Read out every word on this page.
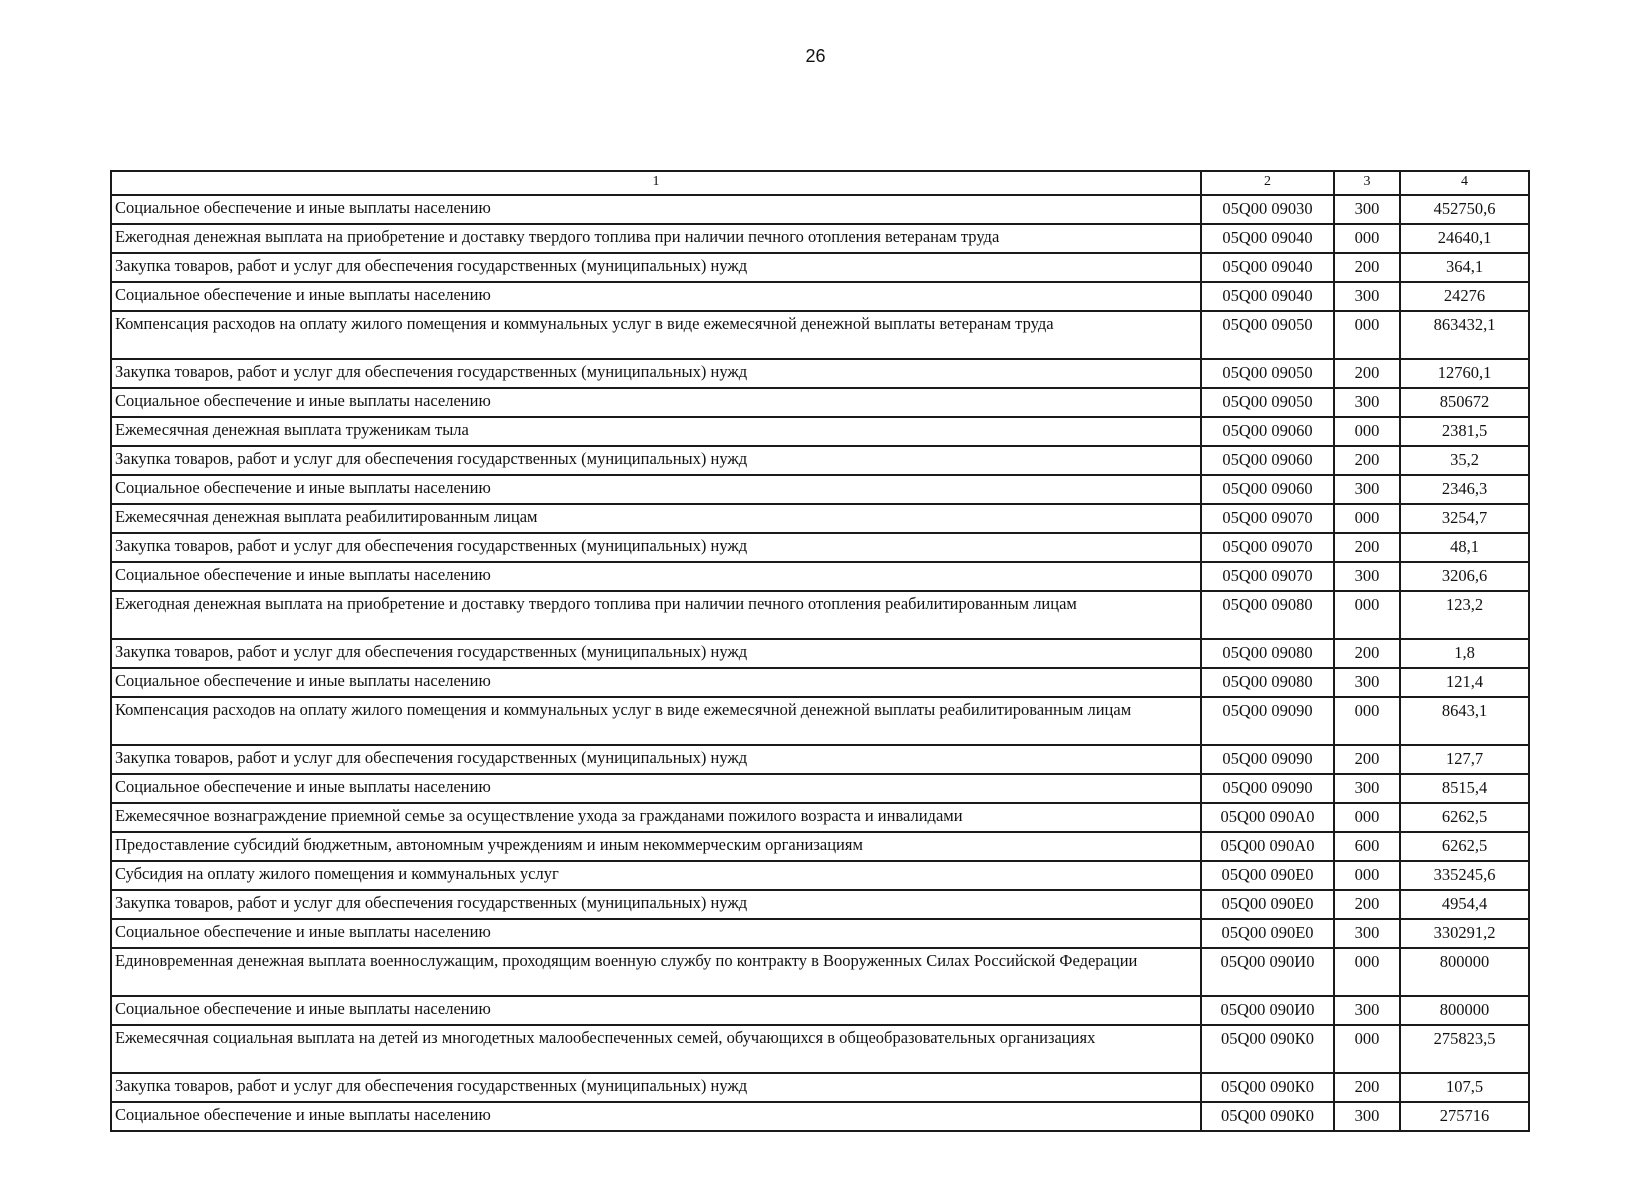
26
1	2	3	4
Социальное обеспечение и иные выплаты населению	05Q00 09030	300	452750,6
Ежегодная денежная выплата на приобретение и доставку твердого топлива при наличии печного отопления ветеранам труда	05Q00 09040	000	24640,1
Закупка товаров, работ и услуг для обеспечения государственных (муниципальных) нужд	05Q00 09040	200	364,1
Социальное обеспечение и иные выплаты населению	05Q00 09040	300	24276
Компенсация расходов на оплату жилого помещения и коммунальных услуг в виде ежемесячной денежной выплаты ветеранам труда	05Q00 09050	000	863432,1
Закупка товаров, работ и услуг для обеспечения государственных (муниципальных) нужд	05Q00 09050	200	12760,1
Социальное обеспечение и иные выплаты населению	05Q00 09050	300	850672
Ежемесячная денежная выплата труженикам тыла	05Q00 09060	000	2381,5
Закупка товаров, работ и услуг для обеспечения государственных (муниципальных) нужд	05Q00 09060	200	35,2
Социальное обеспечение и иные выплаты населению	05Q00 09060	300	2346,3
Ежемесячная денежная выплата реабилитированным лицам	05Q00 09070	000	3254,7
Закупка товаров, работ и услуг для обеспечения государственных (муниципальных) нужд	05Q00 09070	200	48,1
Социальное обеспечение и иные выплаты населению	05Q00 09070	300	3206,6
Ежегодная денежная выплата на приобретение и доставку твердого топлива при наличии печного отопления реабилитированным лицам	05Q00 09080	000	123,2
Закупка товаров, работ и услуг для обеспечения государственных (муниципальных) нужд	05Q00 09080	200	1,8
Социальное обеспечение и иные выплаты населению	05Q00 09080	300	121,4
Компенсация расходов на оплату жилого помещения и коммунальных услуг в виде ежемесячной денежной выплаты реабилитированным лицам	05Q00 09090	000	8643,1
Закупка товаров, работ и услуг для обеспечения государственных (муниципальных) нужд	05Q00 09090	200	127,7
Социальное обеспечение и иные выплаты населению	05Q00 09090	300	8515,4
Ежемесячное вознаграждение приемной семье за осуществление ухода за гражданами пожилого возраста и инвалидами	05Q00 090А0	000	6262,5
Предоставление субсидий бюджетным, автономным учреждениям и иным некоммерческим организациям	05Q00 090А0	600	6262,5
Субсидия на оплату жилого помещения и коммунальных услуг	05Q00 090Е0	000	335245,6
Закупка товаров, работ и услуг для обеспечения государственных (муниципальных) нужд	05Q00 090Е0	200	4954,4
Социальное обеспечение и иные выплаты населению	05Q00 090Е0	300	330291,2
Единовременная денежная выплата военнослужащим, проходящим военную службу по контракту в Вооруженных Силах Российской Федерации	05Q00 090И0	000	800000
Социальное обеспечение и иные выплаты населению	05Q00 090И0	300	800000
Ежемесячная социальная выплата на детей из многодетных малообеспеченных семей, обучающихся в общеобразовательных организациях	05Q00 090К0	000	275823,5
Закупка товаров, работ и услуг для обеспечения государственных (муниципальных) нужд	05Q00 090К0	200	107,5
Социальное обеспечение и иные выплаты населению	05Q00 090К0	300	275716
